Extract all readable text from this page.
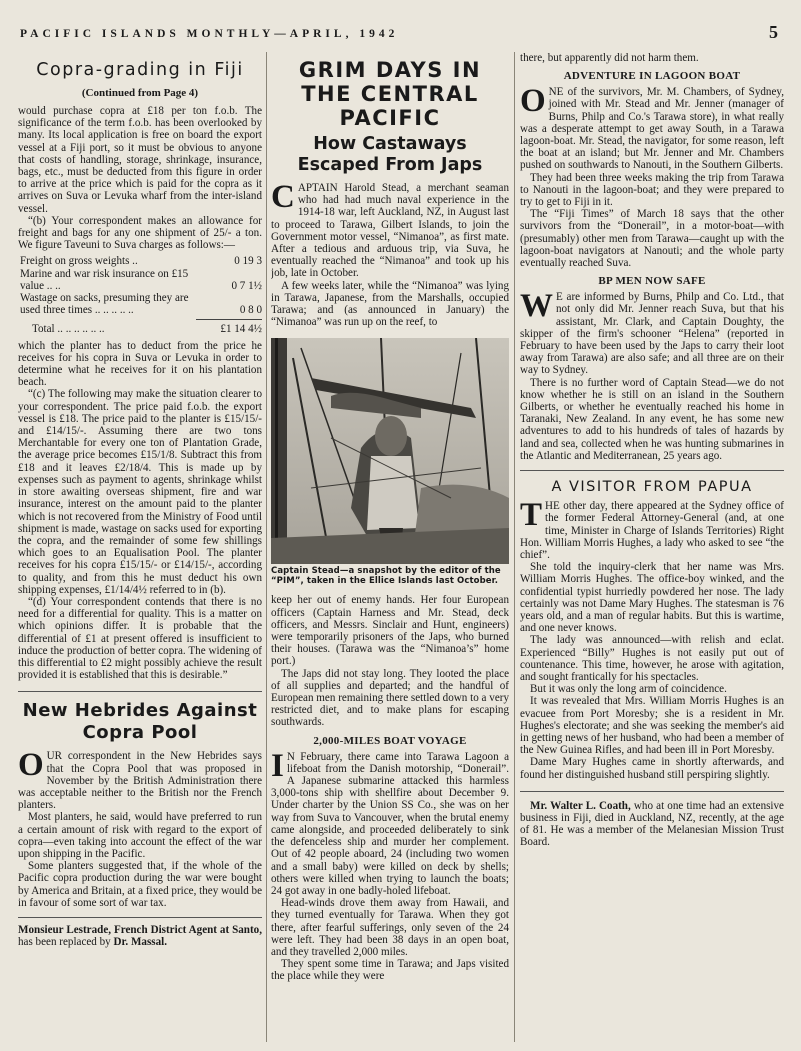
PACIFIC ISLANDS MONTHLY—APRIL, 1942	5
Copra-grading in Fiji
(Continued from Page 4)

would purchase copra at £18 per ton f.o.b. The significance of the term f.o.b. has been overlooked by many. Its local application is free on board the export vessel at a Fiji port, so it must be obvious to anyone that costs of handling, storage, shrinkage, insurance, bags, etc., must be deducted from this figure in order to arrive at the price which is paid for the copra as it arrives on Suva or Levuka wharf from the inter-island vessel.

“(b) Your correspondent makes an allowance for freight and bags for any one shipment of 25/- a ton. We figure Taveuni to Suva charges as follows:—

Freight on gross weights ..	0 19 3
Marine and war risk insurance on £15 value .. ..	0 7 1½
Wastage on sacks, presuming they are used three times .. .. .. .. ..	0 8 0
Total .. .. .. .. .. ..	£1 14 4½

which the planter has to deduct from the price he receives for his copra in Suva or Levuka in order to determine what he receives for it on his plantation beach.

“(c) The following may make the situation clearer to your correspondent. The price paid f.o.b. the export vessel is £18. The price paid to the planter is £15/15/- and £14/15/-. Assuming there are two tons Merchantable for every one ton of Plantation Grade, the average price becomes £15/1/8. Subtract this from £18 and it leaves £2/18/4. This is made up by expenses such as payment to agents, shrinkage whilst in store awaiting overseas shipment, fire and war insurance, interest on the amount paid to the planter which is not recovered from the Ministry of Food until shipment is made, wastage on sacks used for exporting the copra, and the remainder of some few shillings which goes to an Equalisation Pool. The planter receives for his copra £15/15/- or £14/15/-, according to quality, and from this he must deduct his own shipping expenses, £1/14/4½ referred to in (b).

“(d) Your correspondent contends that there is no need for a differential for quality. This is a matter on which opinions differ. It is probable that the differential of £1 at present offered is insufficient to induce the production of better copra. The widening of this differential to £2 might possibly achieve the result provided it is established that this is desirable.”

New Hebrides Against Copra Pool

OUR correspondent in the New Hebrides says that the Copra Pool that was proposed in November by the British Administration there was acceptable neither to the British nor the French planters.

Most planters, he said, would have preferred to run a certain amount of risk with regard to the export of copra—even taking into account the effect of the war upon shipping in the Pacific.

Some planters suggested that, if the whole of the Pacific copra production during the war were bought by America and Britain, at a fixed price, they would be in favour of some sort of war tax.

Monsieur Lestrade, French District Agent at Santo, has been replaced by Dr. Massal.

GRIM DAYS IN THE CENTRAL PACIFIC
How Castaways Escaped From Japs

CAPTAIN Harold Stead, a merchant seaman who had had much naval experience in the 1914-18 war, left Auckland, NZ, in August last to proceed to Tarawa, Gilbert Islands, to join the Government motor vessel, “Nimanoa”, as first mate. After a tedious and arduous trip, via Suva, he eventually reached the “Nimanoa” and took up his job, late in October.

A few weeks later, while the “Nimanoa” was lying in Tarawa, Japanese, from the Marshalls, occupied Tarawa; and (as announced in January) the “Nimanoa” was run up on the reef, to

Captain Stead—a snapshot by the editor of the “PIM”, taken in the Ellice Islands last October.

keep her out of enemy hands. Her four European officers (Captain Harness and Mr. Stead, deck officers, and Messrs. Sinclair and Hunt, engineers) were temporarily prisoners of the Japs, who burned their houses. (Tarawa was the “Nimanoa’s” home port.)

The Japs did not stay long. They looted the place of all supplies and departed; and the handful of European men remaining there settled down to a very restricted diet, and to make plans for escaping southwards.

2,000-MILES BOAT VOYAGE

I N February, there came into Tarawa Lagoon a lifeboat from the Danish motorship, “Donerail”. A Japanese submarine attacked this harmless 3,000-tons ship with shellfire about December 9. Under charter by the Union SS Co., she was on her way from Suva to Vancouver, when the brutal enemy came alongside, and proceeded deliberately to sink the defenceless ship and murder her complement. Out of 42 people aboard, 24 (including two women and a small baby) were killed on deck by shells; others were killed when trying to launch the boats; 24 got away in one badly-holed lifeboat.

Head-winds drove them away from Hawaii, and they turned eventually for Tarawa. When they got there, after fearful sufferings, only seven of the 24 were left. They had been 38 days in an open boat, and they travelled 2,000 miles.

They spent some time in Tarawa; and Japs visited the place while they were

there, but apparently did not harm them.

ADVENTURE IN LAGOON BOAT

ONE of the survivors, Mr. M. Chambers, of Sydney, joined with Mr. Stead and Mr. Jenner (manager of Burns, Philp and Co.'s Tarawa store), in what really was a desperate attempt to get away South, in a Tarawa lagoon-boat. Mr. Stead, the navigator, for some reason, left the boat at an island; but Mr. Jenner and Mr. Chambers pushed on southwards to Nanouti, in the Southern Gilberts.

They had been three weeks making the trip from Tarawa to Nanouti in the lagoon-boat; and they were prepared to try to get to Fiji in it.

The “Fiji Times” of March 18 says that the other survivors from the “Donerail”, in a motor-boat—with (presumably) other men from Tarawa—caught up with the lagoon-boat navigators at Nanouti; and the whole party eventually reached Suva.

BP MEN NOW SAFE

W E are informed by Burns, Philp and Co. Ltd., that not only did Mr. Jenner reach Suva, but that his assistant, Mr. Clark, and Captain Doughty, the skipper of the firm's schooner “Helena” (reported in February to have been used by the Japs to carry their loot away from Tarawa) are also safe; and all three are on their way to Sydney.

There is no further word of Captain Stead—we do not know whether he is still on an island in the Southern Gilberts, or whether he eventually reached his home in Taranaki, New Zealand. In any event, he has some new adventures to add to his hundreds of tales of hazards by land and sea, collected when he was hunting submarines in the Atlantic and Mediterranean, 25 years ago.

A VISITOR FROM PAPUA

THE other day, there appeared at the Sydney office of the former Federal Attorney-General (and, at one time, Minister in Charge of Islands Territories) Right Hon. William Morris Hughes, a lady who asked to see “the chief”.

She told the inquiry-clerk that her name was Mrs. William Morris Hughes. The office-boy winked, and the confidential typist hurriedly powdered her nose. The lady certainly was not Dame Mary Hughes. The statesman is 76 years old, and a man of regular habits. But this is wartime, and one never knows.

The lady was announced—with relish and eclat. Experienced “Billy” Hughes is not easily put out of countenance. This time, however, he arose with agitation, and sought frantically for his spectacles.

But it was only the long arm of coincidence.

It was revealed that Mrs. William Morris Hughes is an evacuee from Port Moresby; she is a resident in Mr. Hughes's electorate; and she was seeking the member's aid in getting news of her husband, who had been a member of the New Guinea Rifles, and had been ill in Port Moresby.

Dame Mary Hughes came in shortly afterwards, and found her distinguished husband still perspiring slightly.

Mr. Walter L. Coath, who at one time had an extensive business in Fiji, died in Auckland, NZ, recently, at the age of 81. He was a member of the Melanesian Mission Trust Board.
